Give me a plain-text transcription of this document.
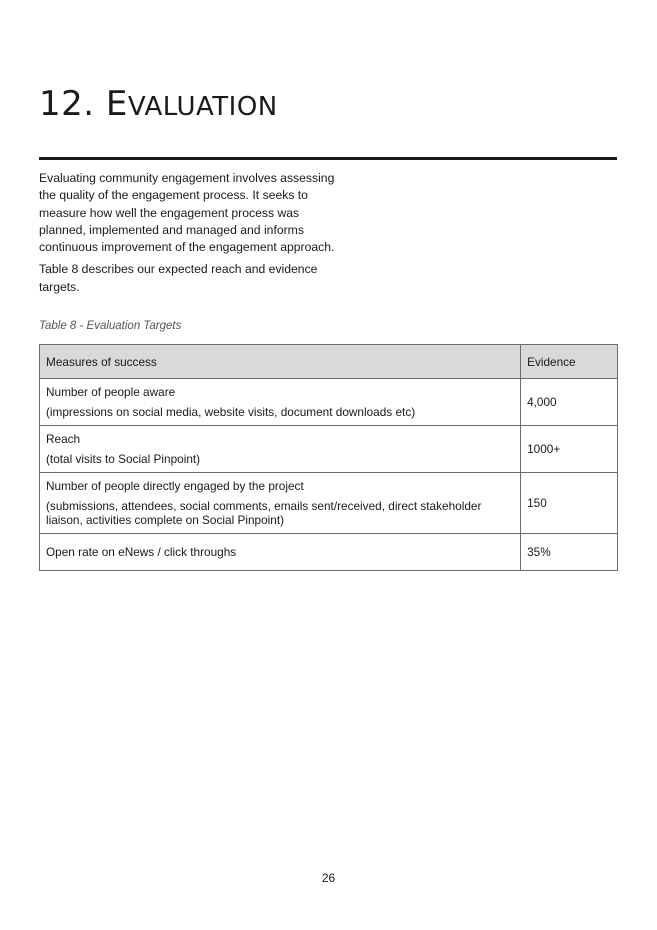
12. EVALUATION

Evaluating community engagement involves assessing the quality of the engagement process. It seeks to measure how well the engagement process was planned, implemented and managed and informs continuous improvement of the engagement approach.

Table 8 describes our expected reach and evidence targets.

Table 8 - Evaluation Targets

Measures of success	Evidence

Number of people aware
(impressions on social media, website visits, document downloads etc)	4,000

Reach
(total visits to Social Pinpoint)	1000+

Number of people directly engaged by the project
(submissions, attendees, social comments, emails sent/received, direct stakeholder liaison, activities complete on Social Pinpoint)	150
Open rate on eNews / click throughs	35%
26
